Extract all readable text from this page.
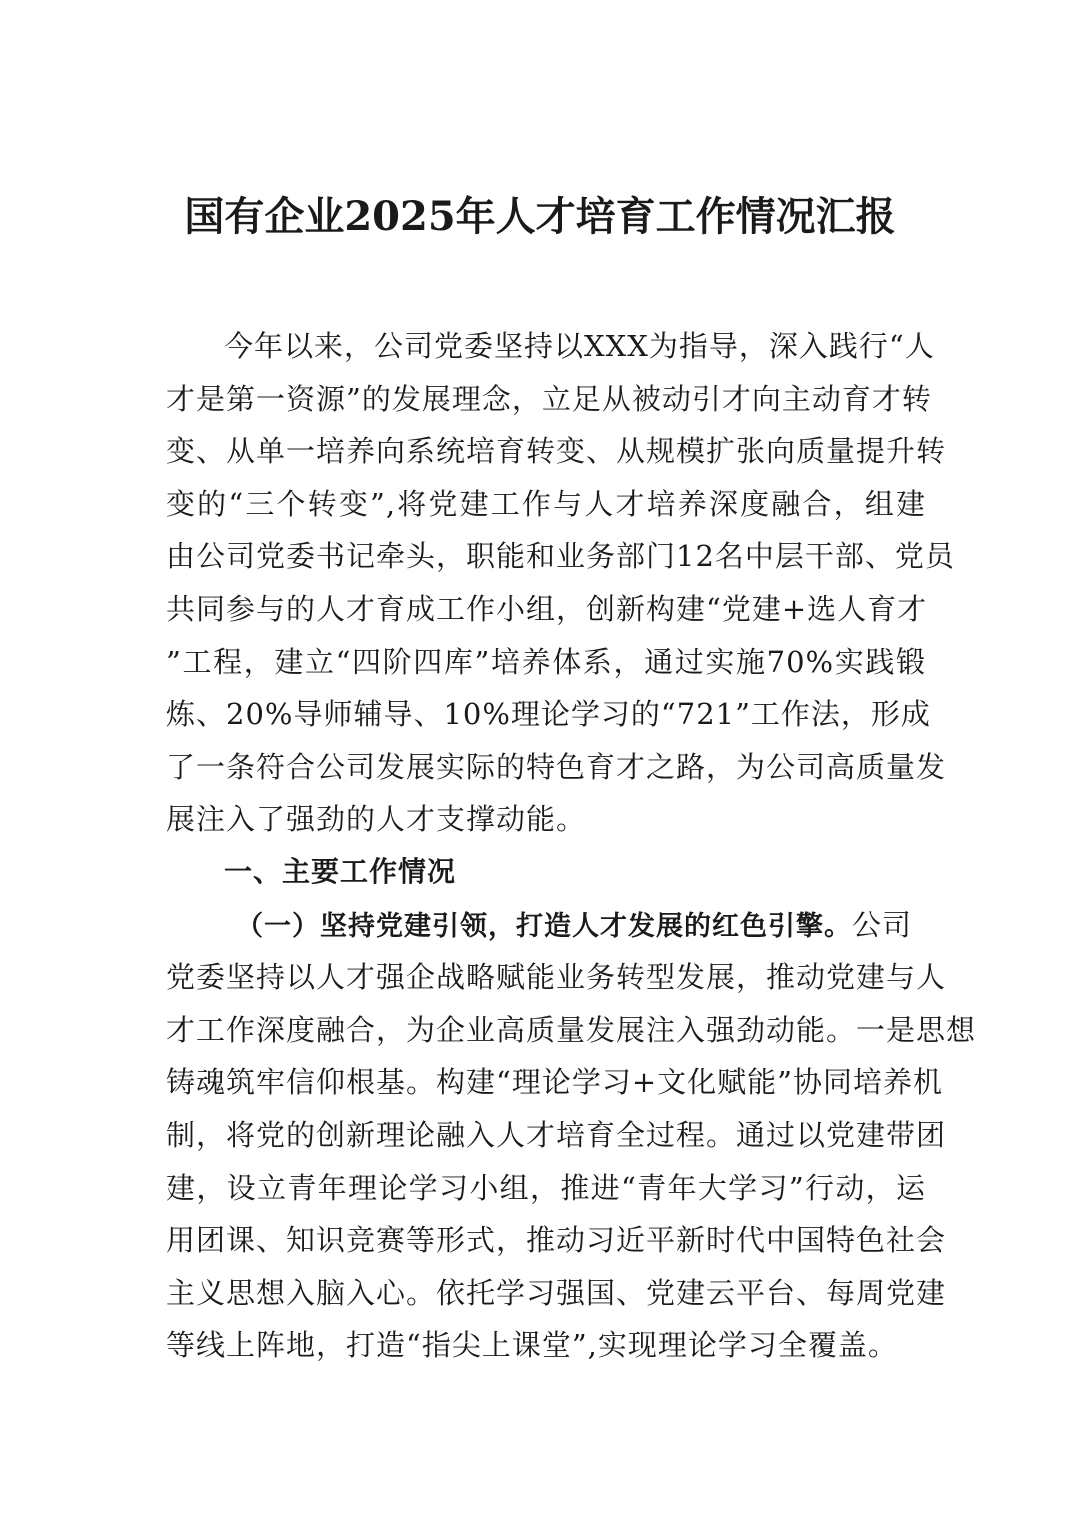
国有企业2025年人才培育工作情况汇报
今年以来，公司党委坚持以XXX为指导，深入践行“人
才是第一资源”的发展理念，立足从被动引才向主动育才转
变、从单一培养向系统培育转变、从规模扩张向质量提升转
变的“三个转变”,将党建工作与人才培养深度融合，组建
由公司党委书记牵头，职能和业务部门12名中层干部、党员
共同参与的人才育成工作小组，创新构建“党建+选人育才
”工程，建立“四阶四库”培养体系，通过实施70%实践锻
炼、20%导师辅导、10%理论学习的“721”工作法，形成
了一条符合公司发展实际的特色育才之路，为公司高质量发
展注入了强劲的人才支撑动能。
一、主要工作情况
（一）坚持党建引领，打造人才发展的红色引擎。公司
党委坚持以人才强企战略赋能业务转型发展，推动党建与人
才工作深度融合，为企业高质量发展注入强劲动能。一是思想
铸魂筑牢信仰根基。构建“理论学习+文化赋能”协同培养机
制，将党的创新理论融入人才培育全过程。通过以党建带团
建，设立青年理论学习小组，推进“青年大学习”行动，运
用团课、知识竞赛等形式，推动习近平新时代中国特色社会
主义思想入脑入心。依托学习强国、党建云平台、每周党建
等线上阵地，打造“指尖上课堂”,实现理论学习全覆盖。
